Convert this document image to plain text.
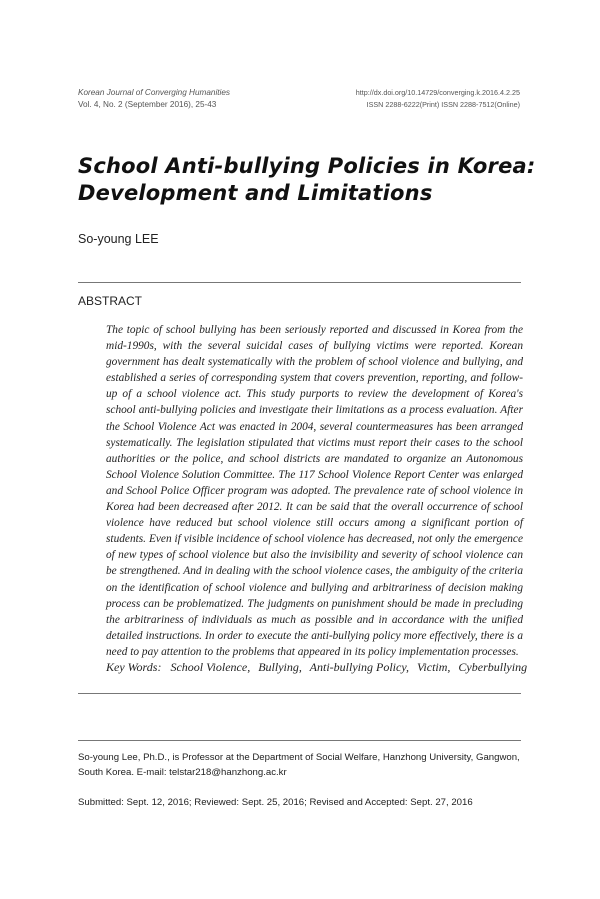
Korean Journal of Converging Humanities
Vol. 4, No. 2 (September 2016), 25-43
http://dx.doi.org/10.14729/converging.k.2016.4.2.25
ISSN 2288-6222(Print) ISSN 2288-7512(Online)
School Anti-bullying Policies in Korea:
Development and Limitations
So-young LEE
ABSTRACT

The topic of school bullying has been seriously reported and discussed in Korea from the mid-1990s, with the several suicidal cases of bullying victims were reported. Korean government has dealt systematically with the problem of school violence and bullying, and established a series of corresponding system that covers prevention, reporting, and follow-up of a school violence act. This study purports to review the development of Korea's school anti-bullying policies and investigate their limitations as a process evaluation. After the School Violence Act was enacted in 2004, several countermeasures has been arranged systematically. The legislation stipulated that victims must report their cases to the school authorities or the police, and school districts are mandated to organize an Autonomous School Violence Solution Committee. The 117 School Violence Report Center was enlarged and School Police Officer program was adopted. The prevalence rate of school violence in Korea had been decreased after 2012. It can be said that the overall occurrence of school violence have reduced but school violence still occurs among a significant portion of students. Even if visible incidence of school violence has decreased, not only the emergence of new types of school violence but also the invisibility and severity of school violence can be strengthened. And in dealing with the school violence cases, the ambiguity of the criteria on the identification of school violence and bullying and arbitrariness of decision making process can be problematized. The judgments on punishment should be made in precluding the arbitrariness of individuals as much as possible and in accordance with the unified detailed instructions. In order to execute the anti-bullying policy more effectively, there is a need to pay attention to the problems that appeared in its policy implementation processes.

Key Words: School Violence, Bullying, Anti-bullying Policy, Victim, Cyberbullying

So-young Lee, Ph.D., is Professor at the Department of Social Welfare, Hanzhong University, Gangwon, South Korea. E-mail: telstar218@hanzhong.ac.kr

Submitted: Sept. 12, 2016; Reviewed: Sept. 25, 2016; Revised and Accepted: Sept. 27, 2016
